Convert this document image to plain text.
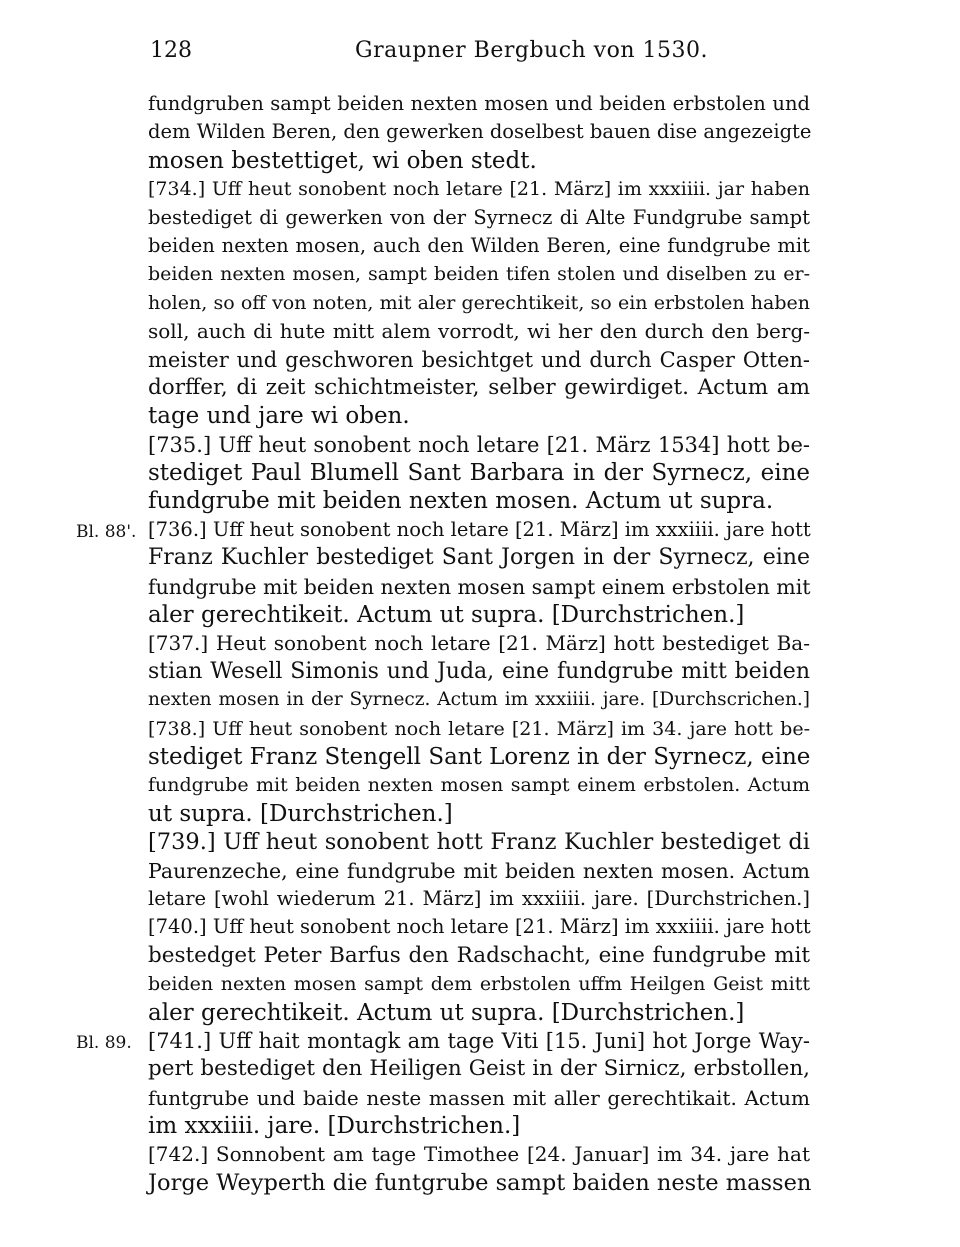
128	Graupner Bergbuch von 1530.
fundgruben sampt beiden nexten mosen und beiden erbstolen und
dem Wilden Beren, den gewerken doselbest bauen dise angezeigte
mosen bestettiget, wi oben stedt.
[734.] Uff heut sonobent noch letare [21. März] im xxxiiii. jar haben
bestediget di gewerken von der Syrnecz di Alte Fundgrube sampt
beiden nexten mosen, auch den Wilden Beren, eine fundgrube mit
beiden nexten mosen, sampt beiden tifen stolen und diselben zu er-
holen, so off von noten, mit aler gerechtikeit, so ein erbstolen haben
soll, auch di hute mitt alem vorrodt, wi her den durch den berg-
meister und geschworen besichtget und durch Casper Otten-
dorffer, di zeit schichtmeister, selber gewirdiget. Actum am
tage und jare wi oben.
[735.] Uff heut sonobent noch letare [21. März 1534] hott be-
stediget Paul Blumell Sant Barbara in der Syrnecz, eine
fundgrube mit beiden nexten mosen. Actum ut supra.
Bl. 88'. [736.] Uff heut sonobent noch letare [21. März] im xxxiiii. jare hott
Franz Kuchler bestediget Sant Jorgen in der Syrnecz, eine
fundgrube mit beiden nexten mosen sampt einem erbstolen mit
aler gerechtikeit. Actum ut supra. [Durchstrichen.]
[737.] Heut sonobent noch letare [21. März] hott bestediget Ba-
stian Wesell Simonis und Juda, eine fundgrube mitt beiden
nexten mosen in der Syrnecz. Actum im xxxiiii. jare. [Durchscrichen.]
[738.] Uff heut sonobent noch letare [21. März] im 34. jare hott be-
stediget Franz Stengell Sant Lorenz in der Syrnecz, eine
fundgrube mit beiden nexten mosen sampt einem erbstolen. Actum
ut supra. [Durchstrichen.]
[739.] Uff heut sonobent hott Franz Kuchler bestediget di
Paurenzeche, eine fundgrube mit beiden nexten mosen. Actum
letare [wohl wiederum 21. März] im xxxiiii. jare. [Durchstrichen.]
[740.] Uff heut sonobent noch letare [21. März] im xxxiiii. jare hott
bestedget Peter Barfus den Radschacht, eine fundgrube mit
beiden nexten mosen sampt dem erbstolen uffm Heilgen Geist mitt
aler gerechtikeit. Actum ut supra. [Durchstrichen.]
Bl. 89. [741.] Uff hait montagk am tage Viti [15. Juni] hot Jorge Way-
pert bestediget den Heiligen Geist in der Sirnicz, erbstollen,
funtgrube und baide neste massen mit aller gerechtikait. Actum
im xxxiiii. jare. [Durchstrichen.]
[742.] Sonnobent am tage Timothee [24. Januar] im 34. jare hat
Jorge Weyperth die funtgrube sampt baiden neste massen
